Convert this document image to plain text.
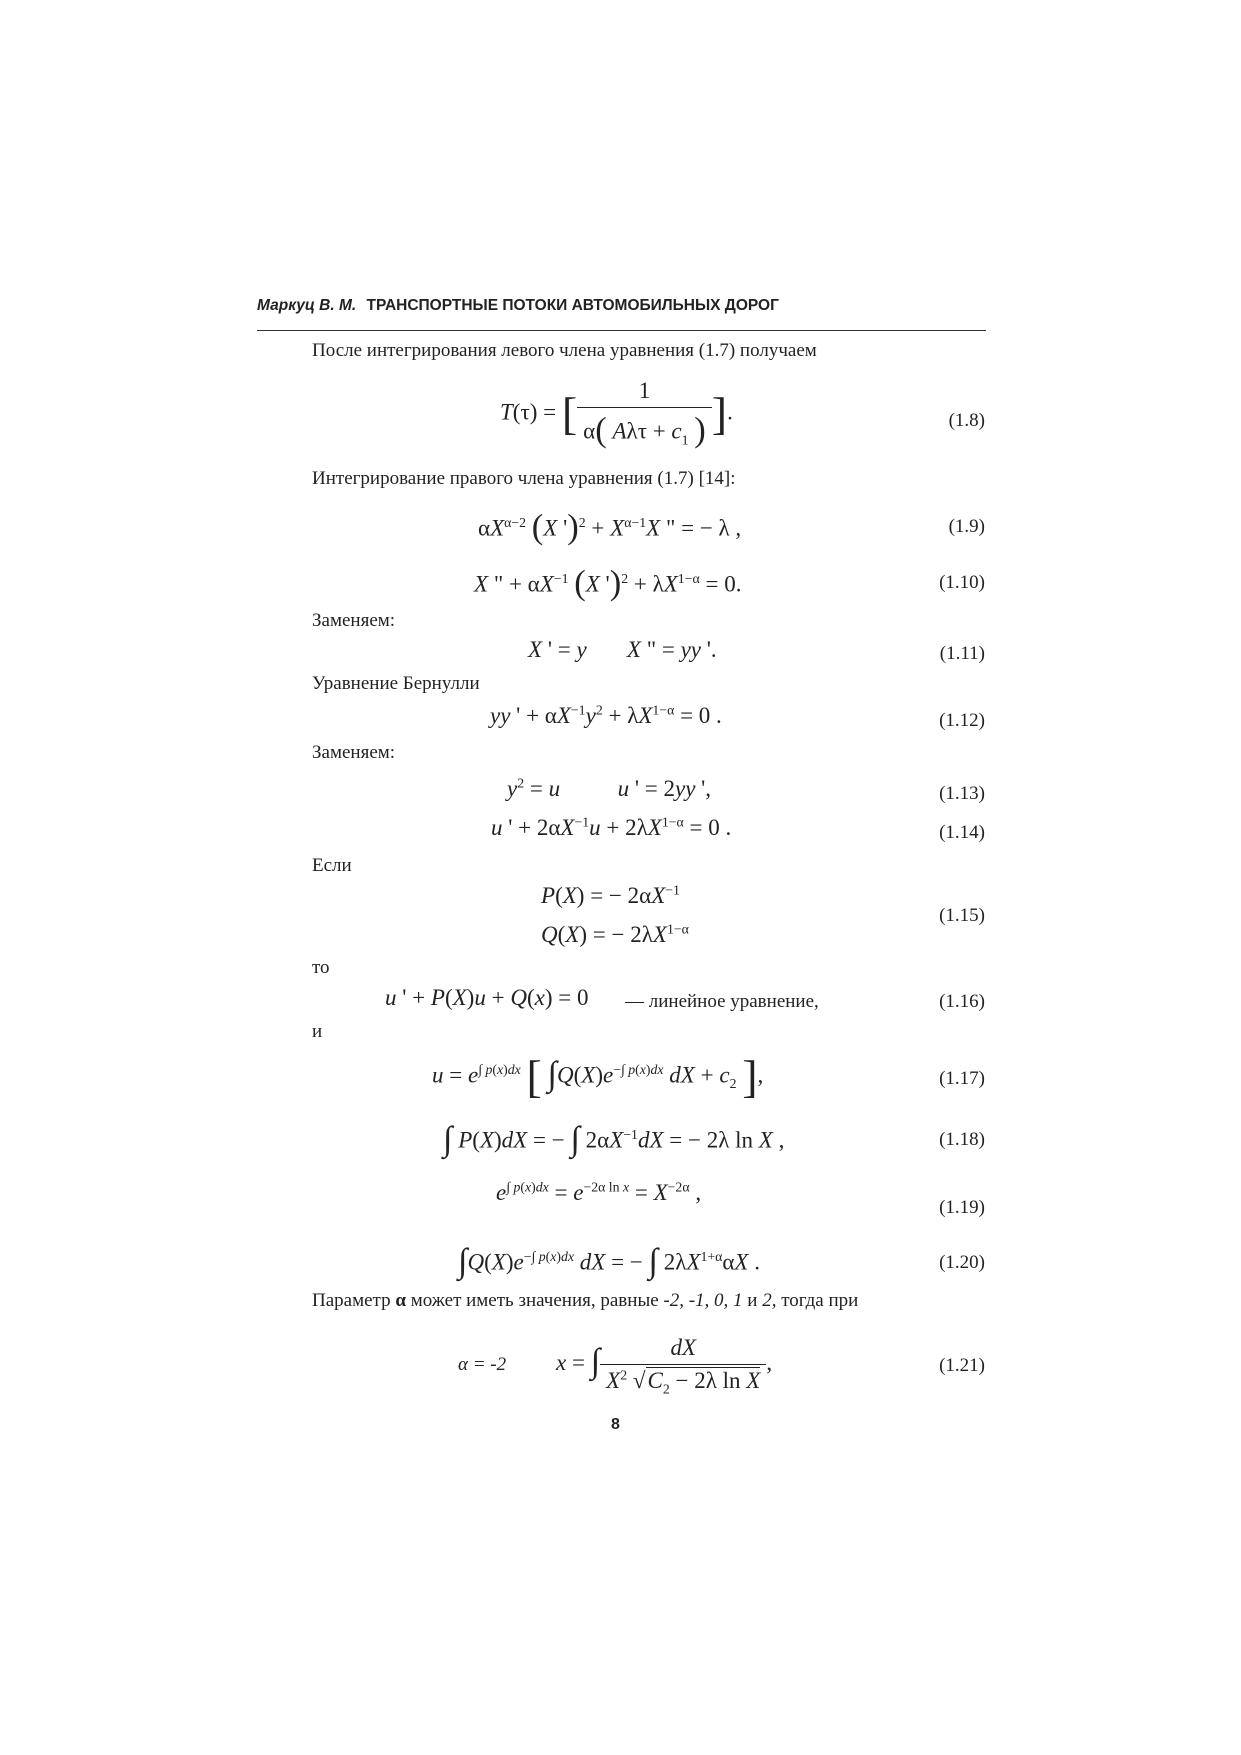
Маркуц В. М. ТРАНСПОРТНЫЕ ПОТОКИ АВТОМОБИЛЬНЫХ ДОРОГ
После интегрирования левого члена уравнения (1.7) получаем
T(τ) = [ $\frac{1}{\alpha( A\lambda\tau + c_1 )}$ ].	(1.8)
Интегрирование правого члена уравнения (1.7) [14]:
$\alpha X^{\alpha-2}$ (X ')$^2 + X^{\alpha-1}X$ " = − λ ,	(1.9)
X " + $\alpha X^{-1}$ (X ')$^2 + \lambda X^{1-\alpha} = 0$.	(1.10)
Заменяем:
X ' = y X " = yy '.	(1.11)
Уравнение Бернулли
yy ' + $\alpha X^{-1}y^2 + \lambda X^{1-\alpha} = 0$ .	(1.12)
Заменяем:
$y^2 = u$	u ' = 2yy ',	(1.13)
u ' + $2\alpha X^{-1}u + 2\lambda X^{1-\alpha} = 0$ .	(1.14)
Если
P(X) = − $2\alpha X^{-1}$
Q(X) = − $2\lambda X^{1-\alpha}$
(1.15)
то
u ' + P(X)u + Q(x) = 0 — линейное уравнение,	(1.16)
и
$u = e^{\int p(x)dx}$ [ $\int Q(X)e^{-\int p(x)dx}$ dX + $c_2$ ],	(1.17)
∫ P(X)dX = − ∫ $2\alpha X^{-1}dX$ = − 2λ ln X ,	(1.18)
$e^{\int p(x)dx} = e^{-2\alpha ln x} = X^{-2\alpha}$ ,
(1.19)
$\int Q(X)e^{-\int p(x)dx}$ dX = − ∫ $2\lambda X^{1+\alpha}\alpha X$ .	(1.20)
Параметр α может иметь значения, равные -2, -1, 0, 1 и 2, тогда при
α = -2 x = ∫ $\frac{dX}{X^2 √C_2 - 2\lambda \ln X}$ ,	(1.21)
8
